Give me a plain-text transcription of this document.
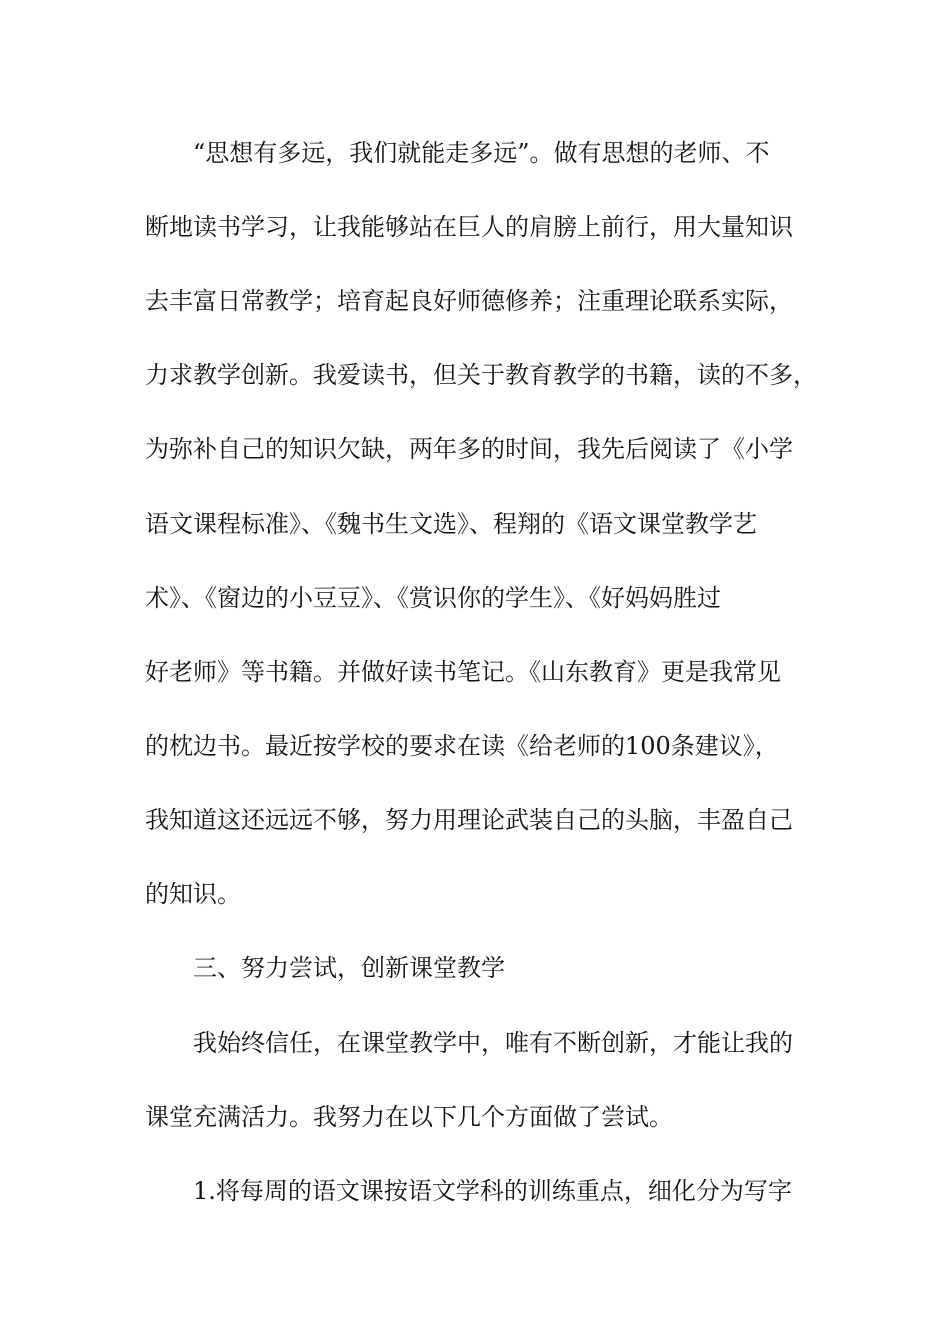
“思想有多远，我们就能走多远”。做有思想的老师、不
断地读书学习，让我能够站在巨人的肩膀上前行，用大量知识
去丰富日常教学；培育起良好师德修养；注重理论联系实际，
力求教学创新。我爱读书，但关于教育教学的书籍，读的不多，
为弥补自己的知识欠缺，两年多的时间，我先后阅读了《小学
语文课程标准》、《魏书生文选》、程翔的《语文课堂教学艺
术》、《窗边的小豆豆》、《赏识你的学生》、《好妈妈胜过
好老师》等书籍。并做好读书笔记。《山东教育》更是我常见
的枕边书。最近按学校的要求在读《给老师的100条建议》，
我知道这还远远不够，努力用理论武装自己的头脑，丰盈自己
的知识。
三、努力尝试，创新课堂教学
我始终信任，在课堂教学中，唯有不断创新，才能让我的
课堂充满活力。我努力在以下几个方面做了尝试。
1.将每周的语文课按语文学科的训练重点，细化分为写字
